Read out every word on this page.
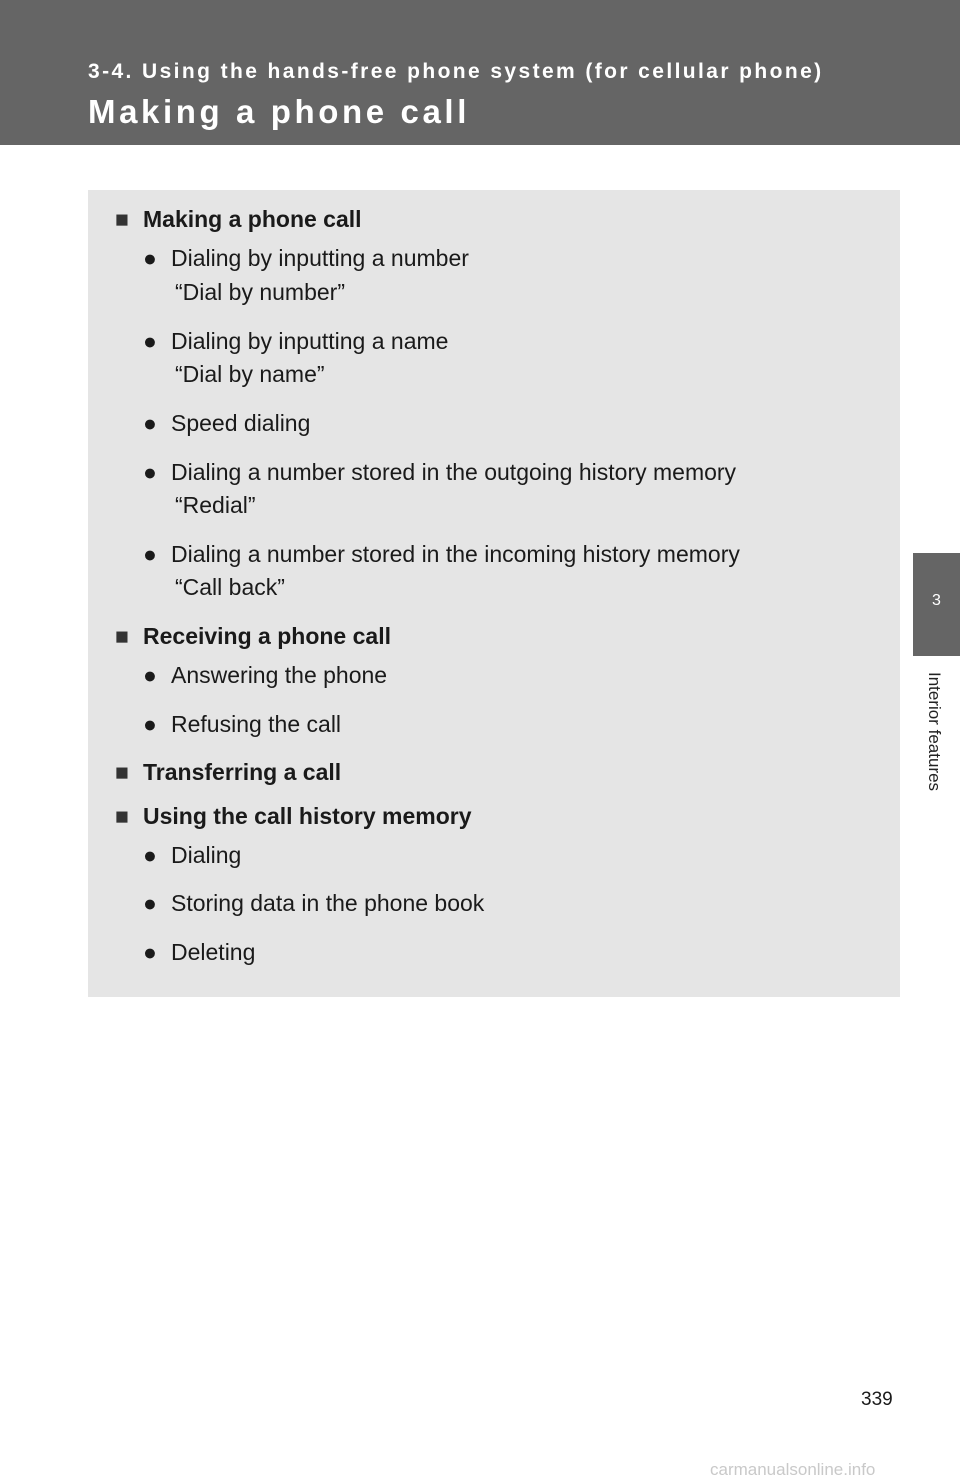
3-4. Using the hands-free phone system (for cellular phone)
Making a phone call
3
Interior features
■ Making a phone call
● Dialing by inputting a number
“Dial by number”
● Dialing by inputting a name
“Dial by name”
● Speed dialing
● Dialing a number stored in the outgoing history memory
“Redial”
● Dialing a number stored in the incoming history memory
“Call back”
■ Receiving a phone call
● Answering the phone
● Refusing the call
■ Transferring a call
■ Using the call history memory
● Dialing
● Storing data in the phone book
● Deleting
339
carmanualsonline.info
